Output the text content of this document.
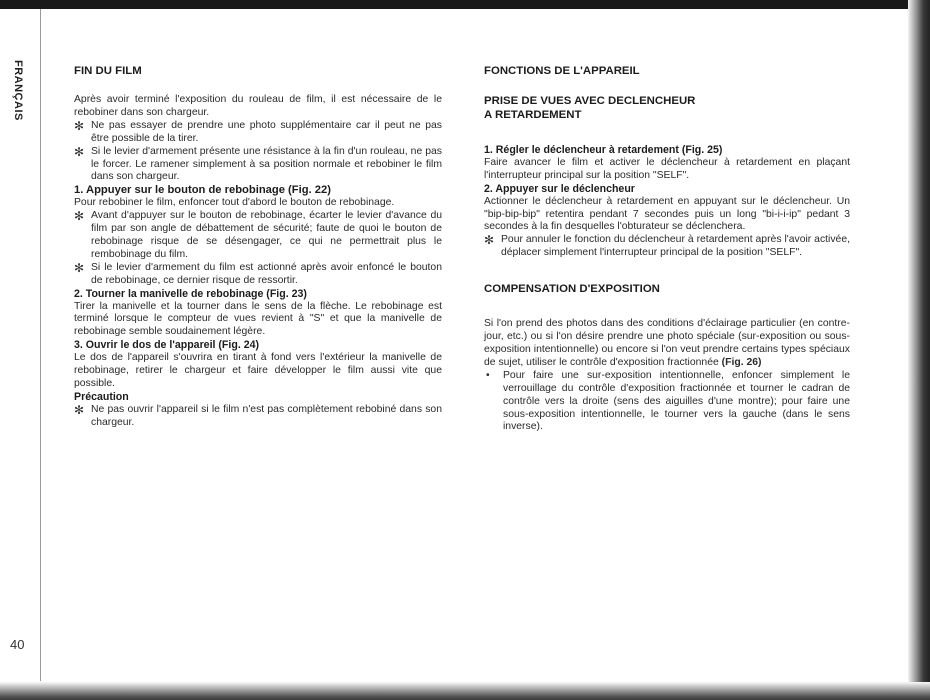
FRANÇAIS
40
FIN DU FILM

Après avoir terminé l'exposition du rouleau de film, il est nécessaire de le rebobiner dans son chargeur.

✻ Ne pas essayer de prendre une photo supplémentaire car il peut ne pas être possible de la tirer.
✻ Si le levier d'armement présente une résistance à la fin d'un rouleau, ne pas le forcer. Le ramener simplement à sa position normale et rebobiner le film dans son chargeur.
1. Appuyer sur le bouton de rebobinage (Fig. 22)

Pour rebobiner le film, enfoncer tout d'abord le bouton de rebobinage.

✻ Avant d'appuyer sur le bouton de rebobinage, écarter le levier d'avance du film par son angle de débattement de sécurité; faute de quoi le bouton de rebobinage risque de se désengager, ce qui ne permettrait plus le rembobinage du film.
✻ Si le levier d'armement du film est actionné après avoir enfoncé le bouton de rebobinage, ce dernier risque de ressortir.
2. Tourner la manivelle de rebobinage (Fig. 23)

Tirer la manivelle et la tourner dans le sens de la flèche. Le rebobinage est terminé lorsque le compteur de vues revient à "S" et que la manivelle de rebobinage semble soudainement légère.

3. Ouvrir le dos de l'appareil (Fig. 24)

Le dos de l'appareil s'ouvrira en tirant à fond vers l'extérieur la manivelle de rebobinage, retirer le chargeur et faire développer le film aussi vite que possible.

Précaution
✻ Ne pas ouvrir l'appareil si le film n'est pas complètement rebobiné dans son chargeur.
FONCTIONS DE L'APPAREIL
PRISE DE VUES AVEC DECLENCHEUR
A RETARDEMENT
1. Régler le déclencheur à retardement (Fig. 25)

Faire avancer le film et activer le déclencheur à retardement en plaçant l'interrupteur principal sur la position "SELF".

2. Appuyer sur le déclencheur

Actionner le déclencheur à retardement en appuyant sur le déclencheur. Un "bip-bip-bip" retentira pendant 7 secondes puis un long "bi-i-i-ip" pedant 3 secondes à la fin desquelles l'obturateur se déclenchera.

✻ Pour annuler le fonction du déclencheur à retardement après l'avoir activée, déplacer simplement l'interrupteur principal de la position "SELF".
COMPENSATION D'EXPOSITION

Si l'on prend des photos dans des conditions d'éclairage particulier (en contre-jour, etc.) ou si l'on désire prendre une photo spéciale (sur-exposition ou sous-exposition intentionnelle) ou encore si l'on veut prendre certains types spéciaux de sujet, utiliser le contrôle d'exposition fractionnée (Fig. 26)

•	Pour faire une sur-exposition intentionnelle, enfoncer simplement le verrouillage du contrôle d'exposition fractionnée et tourner le cadran de contrôle vers la droite (sens des aiguilles d'une montre); pour faire une sous-exposition intentionnelle, le tourner vers la gauche (dans le sens inverse).
